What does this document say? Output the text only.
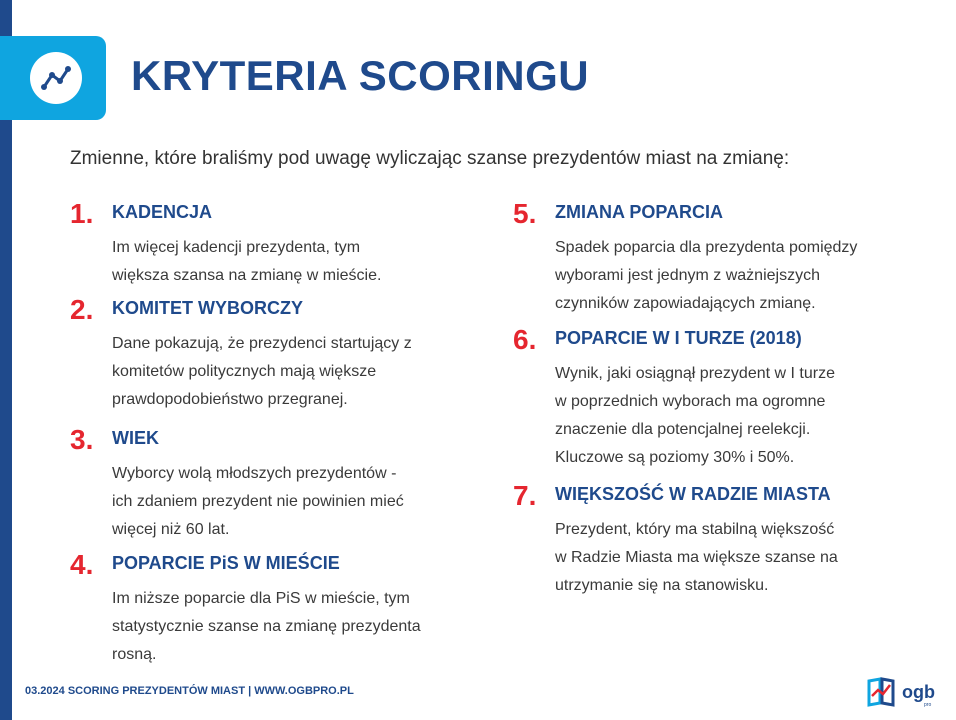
KRYTERIA SCORINGU
Zmienne, które braliśmy pod uwagę wyliczając szanse prezydentów miast na zmianę:
1. KADENCJA
Im więcej kadencji prezydenta, tym
większa szansa na zmianę w mieście.
2. KOMITET WYBORCZY
Dane pokazują, że prezydenci startujący z
komitetów politycznych mają większe
prawdopodobieństwo przegranej.
3. WIEK
Wyborcy wolą młodszych prezydentów -
ich zdaniem prezydent nie powinien mieć
więcej niż 60 lat.
4. POPARCIE PiS W MIEŚCIE
Im niższe poparcie dla PiS w mieście, tym
statystycznie szanse na zmianę prezydenta
rosną.
5. ZMIANA POPARCIA
Spadek poparcia dla prezydenta pomiędzy
wyborami jest jednym z ważniejszych
czynników zapowiadających zmianę.
6. POPARCIE W I TURZE (2018)
Wynik, jaki osiągnął prezydent w I turze
w poprzednich wyborach ma ogromne
znaczenie dla potencjalnej reelekcji.
Kluczowe są poziomy 30% i 50%.
7. WIĘKSZOŚĆ W RADZIE MIASTA
Prezydent, który ma stabilną większość
w Radzie Miasta ma większe szanse na
utrzymanie się na stanowisku.
03.2024 SCORING PREZYDENTÓW MIAST | WWW.OGBPRO.PL	ogb
pro
